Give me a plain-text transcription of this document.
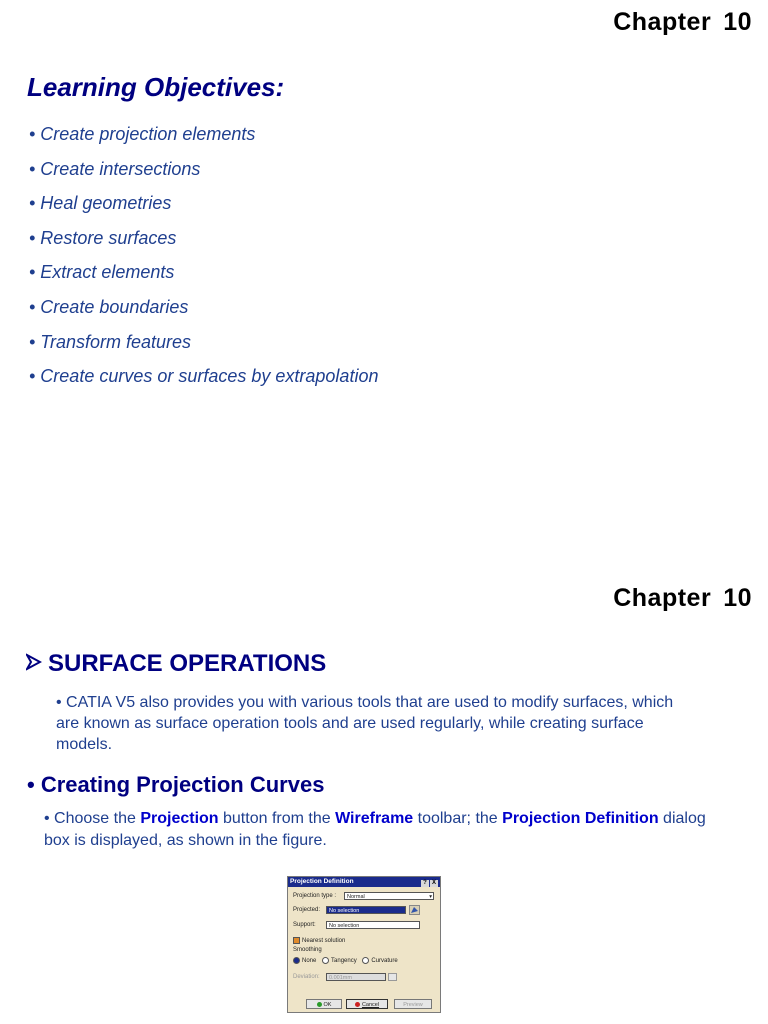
Chapter 10
Learning Objectives:
• Create projection elements
• Create intersections
• Heal geometries
• Restore surfaces
• Extract elements
• Create boundaries
• Transform features
• Create curves or surfaces by extrapolation
Chapter 10
SURFACE OPERATIONS
• CATIA V5 also provides you with various tools that are used to modify surfaces, which are known as surface operation tools and are used regularly, while creating surface models.
• Creating Projection Curves
• Choose the Projection button from the Wireframe toolbar; the Projection Definition dialog box is displayed, as shown in the figure.
Projection Definition	? X
Projection type :	Normal	▾
Projected:	No selection
Support:	No selection
Nearest solution
Smoothing
None Tangency Curvature
Deviation:	0.001mm
OK	Cancel	Preview
